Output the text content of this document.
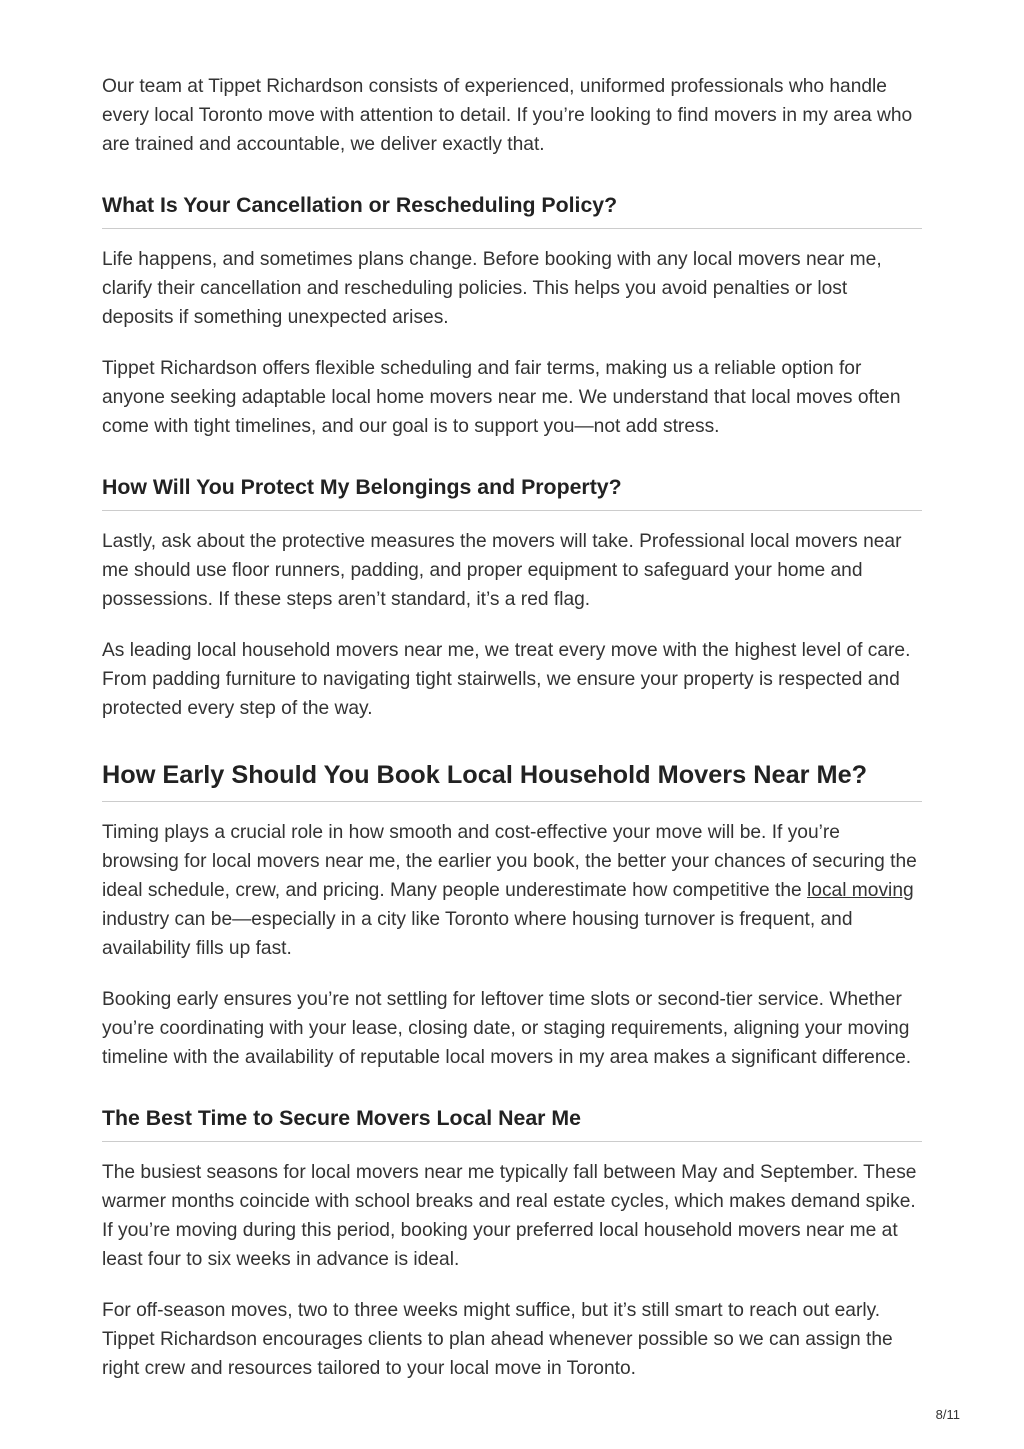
Our team at Tippet Richardson consists of experienced, uniformed professionals who handle every local Toronto move with attention to detail. If you’re looking to find movers in my area who are trained and accountable, we deliver exactly that.

What Is Your Cancellation or Rescheduling Policy?

Life happens, and sometimes plans change. Before booking with any local movers near me, clarify their cancellation and rescheduling policies. This helps you avoid penalties or lost deposits if something unexpected arises.

Tippet Richardson offers flexible scheduling and fair terms, making us a reliable option for anyone seeking adaptable local home movers near me. We understand that local moves often come with tight timelines, and our goal is to support you—not add stress.

How Will You Protect My Belongings and Property?

Lastly, ask about the protective measures the movers will take. Professional local movers near me should use floor runners, padding, and proper equipment to safeguard your home and possessions. If these steps aren’t standard, it’s a red flag.

As leading local household movers near me, we treat every move with the highest level of care. From padding furniture to navigating tight stairwells, we ensure your property is respected and protected every step of the way.

How Early Should You Book Local Household Movers Near Me?

Timing plays a crucial role in how smooth and cost-effective your move will be. If you’re browsing for local movers near me, the earlier you book, the better your chances of securing the ideal schedule, crew, and pricing. Many people underestimate how competitive the local moving industry can be—especially in a city like Toronto where housing turnover is frequent, and availability fills up fast.

Booking early ensures you’re not settling for leftover time slots or second-tier service. Whether you’re coordinating with your lease, closing date, or staging requirements, aligning your moving timeline with the availability of reputable local movers in my area makes a significant difference.

The Best Time to Secure Movers Local Near Me

The busiest seasons for local movers near me typically fall between May and September. These warmer months coincide with school breaks and real estate cycles, which makes demand spike. If you’re moving during this period, booking your preferred local household movers near me at least four to six weeks in advance is ideal.

For off-season moves, two to three weeks might suffice, but it’s still smart to reach out early. Tippet Richardson encourages clients to plan ahead whenever possible so we can assign the right crew and resources tailored to your local move in Toronto.

8/11
